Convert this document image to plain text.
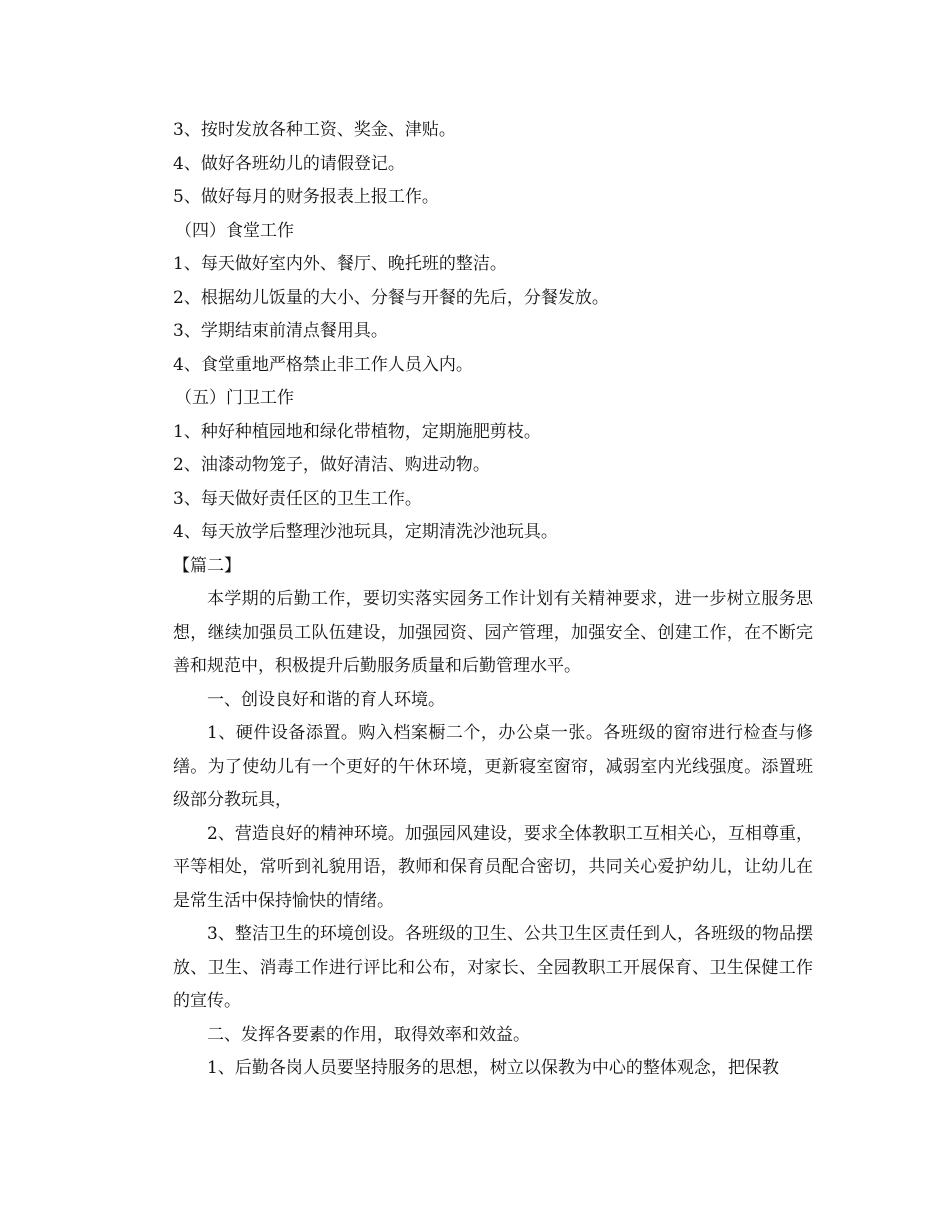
3、按时发放各种工资、奖金、津贴。

4、做好各班幼儿的请假登记。

5、做好每月的财务报表上报工作。

（四）食堂工作

1、每天做好室内外、餐厅、晚托班的整洁。

2、根据幼儿饭量的大小、分餐与开餐的先后，分餐发放。

3、学期结束前清点餐用具。

4、食堂重地严格禁止非工作人员入内。

（五）门卫工作

1、种好种植园地和绿化带植物，定期施肥剪枝。

2、油漆动物笼子，做好清洁、购进动物。

3、每天做好责任区的卫生工作。

4、每天放学后整理沙池玩具，定期清洗沙池玩具。

【篇二】

本学期的后勤工作，要切实落实园务工作计划有关精神要求，进一步树立服务思想，继续加强员工队伍建设，加强园资、园产管理，加强安全、创建工作，在不断完善和规范中，积极提升后勤服务质量和后勤管理水平。

一、创设良好和谐的育人环境。

1、硬件设备添置。购入档案橱二个，办公桌一张。各班级的窗帘进行检查与修缮。为了使幼儿有一个更好的午休环境，更新寝室窗帘，减弱室内光线强度。添置班级部分教玩具，

2、营造良好的精神环境。加强园风建设，要求全体教职工互相关心，互相尊重，平等相处，常听到礼貌用语，教师和保育员配合密切，共同关心爱护幼儿，让幼儿在是常生活中保持愉快的情绪。

3、整洁卫生的环境创设。各班级的卫生、公共卫生区责任到人，各班级的物品摆放、卫生、消毒工作进行评比和公布，对家长、全园教职工开展保育、卫生保健工作的宣传。

二、发挥各要素的作用，取得效率和效益。

1、后勤各岗人员要坚持服务的思想，树立以保教为中心的整体观念，把保教
